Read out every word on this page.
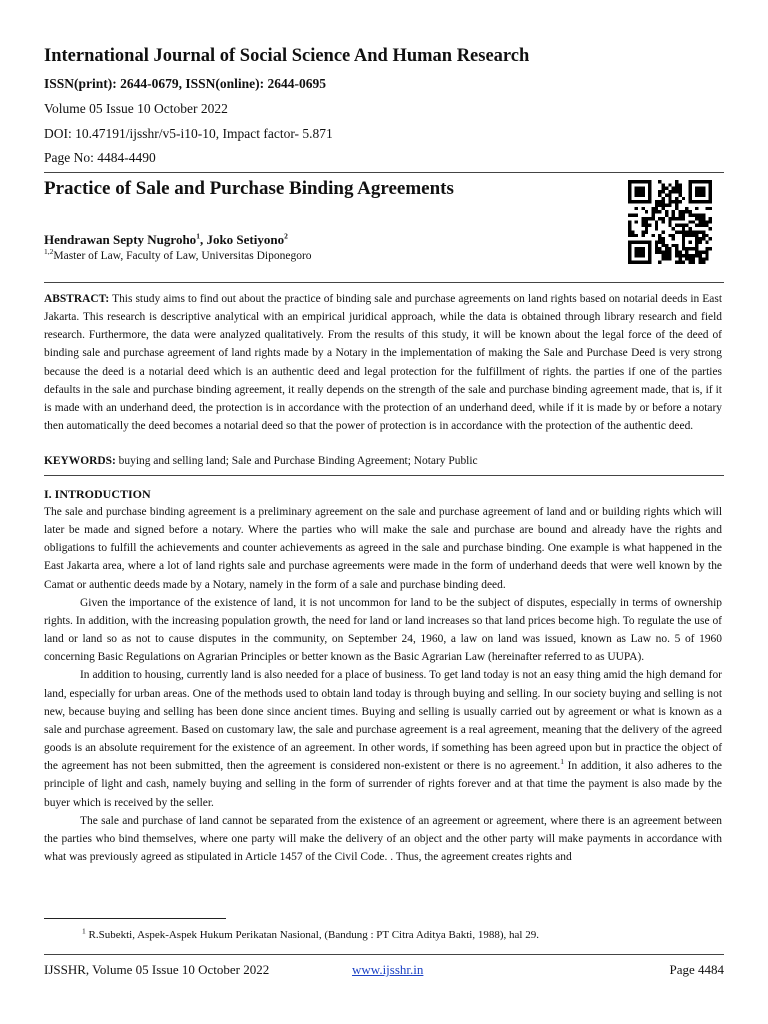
International Journal of Social Science And Human Research
ISSN(print): 2644-0679, ISSN(online): 2644-0695
Volume 05 Issue 10 October 2022
DOI: 10.47191/ijsshr/v5-i10-10, Impact factor- 5.871
Page No: 4484-4490
Practice of Sale and Purchase Binding Agreements
Hendrawan Septy Nugroho$^1$, Joko Setiyono$^2$
$^{1,2}$Master of Law, Faculty of Law, Universitas Diponegoro
ABSTRACT: This study aims to find out about the practice of binding sale and purchase agreements on land rights based on notarial deeds in East Jakarta. This research is descriptive analytical with an empirical juridical approach, while the data is obtained through library research and field research. Furthermore, the data were analyzed qualitatively. From the results of this study, it will be known about the legal force of the deed of binding sale and purchase agreement of land rights made by a Notary in the implementation of making the Sale and Purchase Deed is very strong because the deed is a notarial deed which is an authentic deed and legal protection for the fulfillment of rights. the parties if one of the parties defaults in the sale and purchase binding agreement, it really depends on the strength of the sale and purchase binding agreement made, that is, if it is made with an underhand deed, the protection is in accordance with the protection of an underhand deed, while if it is made by or before a notary then automatically the deed becomes a notarial deed so that the power of protection is in accordance with the protection of the authentic deed.
KEYWORDS: buying and selling land; Sale and Purchase Binding Agreement; Notary Public
I. INTRODUCTION

The sale and purchase binding agreement is a preliminary agreement on the sale and purchase agreement of land and or building rights which will later be made and signed before a notary. Where the parties who will make the sale and purchase are bound and already have the rights and obligations to fulfill the achievements and counter achievements as agreed in the sale and purchase binding. One example is what happened in the East Jakarta area, where a lot of land rights sale and purchase agreements were made in the form of underhand deeds that were well known by the Camat or authentic deeds made by a Notary, namely in the form of a sale and purchase binding deed.

Given the importance of the existence of land, it is not uncommon for land to be the subject of disputes, especially in terms of ownership rights. In addition, with the increasing population growth, the need for land or land increases so that land prices become high. To regulate the use of land or land so as not to cause disputes in the community, on September 24, 1960, a law on land was issued, known as Law no. 5 of 1960 concerning Basic Regulations on Agrarian Principles or better known as the Basic Agrarian Law (hereinafter referred to as UUPA).

In addition to housing, currently land is also needed for a place of business. To get land today is not an easy thing amid the high demand for land, especially for urban areas. One of the methods used to obtain land today is through buying and selling. In our society buying and selling is not new, because buying and selling has been done since ancient times. Buying and selling is usually carried out by agreement or what is known as a sale and purchase agreement. Based on customary law, the sale and purchase agreement is a real agreement, meaning that the delivery of the agreed goods is an absolute requirement for the existence of an agreement. In other words, if something has been agreed upon but in practice the object of the agreement has not been submitted, then the agreement is considered non-existent or there is no agreement.$^1$ In addition, it also adheres to the principle of light and cash, namely buying and selling in the form of surrender of rights forever and at that time the payment is also made by the buyer which is received by the seller.

The sale and purchase of land cannot be separated from the existence of an agreement or agreement, where there is an agreement between the parties who bind themselves, where one party will make the delivery of an object and the other party will make payments in accordance with what was previously agreed as stipulated in Article 1457 of the Civil Code. . Thus, the agreement creates rights and

$^1$ R.Subekti, Aspek-Aspek Hukum Perikatan Nasional, (Bandung : PT Citra Aditya Bakti, 1988), hal 29.
IJSSHR, Volume 05 Issue 10 October 2022	www.ijsshr.in	Page 4484
